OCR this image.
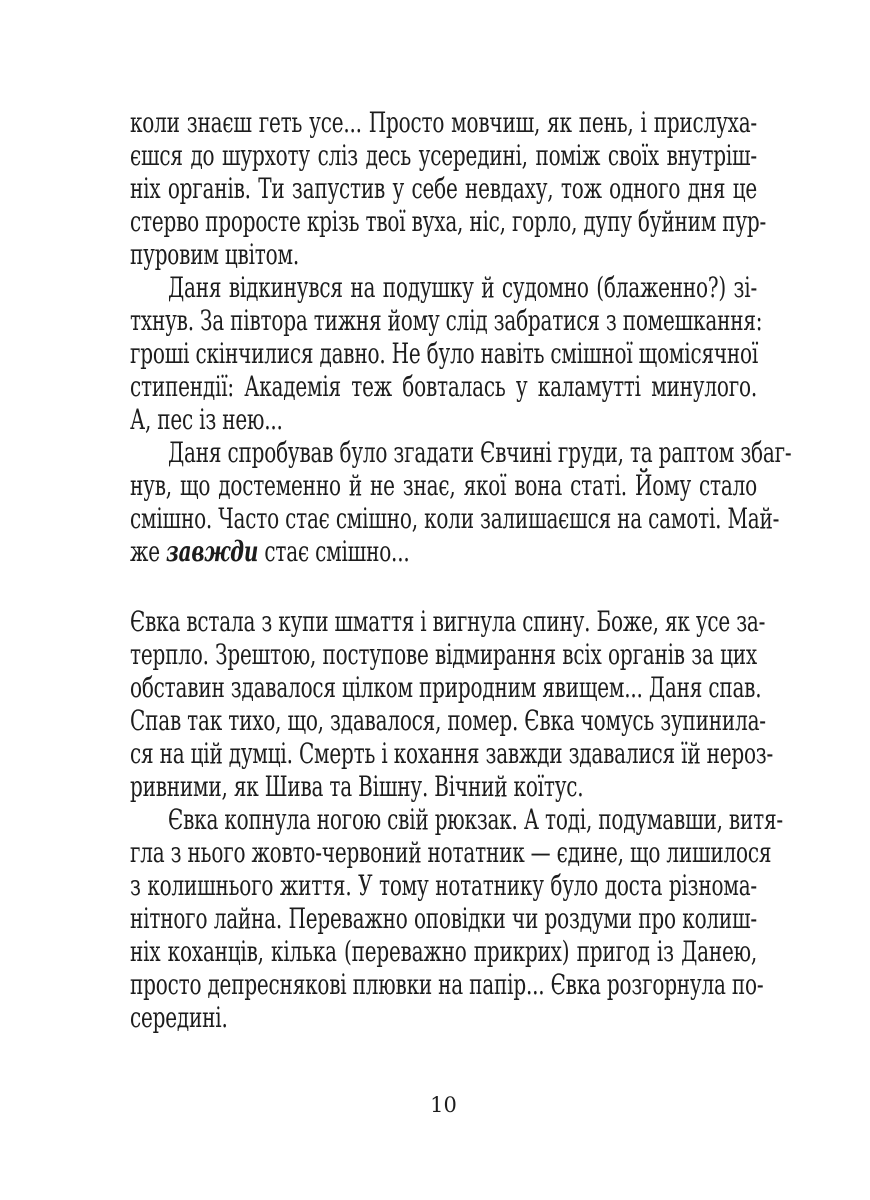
коли знаєш геть усе... Просто мовчиш, як пень, і прислуха-
єшся до шурхоту сліз десь усередині, поміж своїх внутріш-
ніх органів. Ти запустив у себе невдаху, тож одного дня це
стерво проросте крізь твої вуха, ніс, горло, дупу буйним пур-
пуровим цвітом.
Даня відкинувся на подушку й судомно (блаженно?) зі-
тхнув. За півтора тижня йому слід забратися з помешкання:
гроші скінчилися давно. Не було навіть смішної щомісячної
стипендії: Академія теж бовталась у каламутті минулого.
А, пес із нею...
Даня спробував було згадати Євчині груди, та раптом збаг-
нув, що достеменно й не знає, якої вона статі. Йому стало
смішно. Часто стає смішно, коли залишаєшся на самоті. Май-
же завжди стає смішно...
Євка встала з купи шмаття і вигнула спину. Боже, як усе за-
терпло. Зрештою, поступове відмирання всіх органів за цих
обставин здавалося цілком природним явищем... Даня спав.
Спав так тихо, що, здавалося, помер. Євка чомусь зупинила-
ся на цій думці. Смерть і кохання завжди здавалися їй нероз-
ривними, як Шива та Вішну. Вічний коїтус.
Євка копнула ногою свій рюкзак. А тоді, подумавши, витя-
гла з нього жовто-червоний нотатник — єдине, що лишилося
з колишнього життя. У тому нотатнику було доста різнома-
нітного лайна. Переважно оповідки чи роздуми про колиш-
ніх коханців, кілька (переважно прикрих) пригод із Данею,
просто депреснякові плювки на папір... Євка розгорнула по-
середині.
10
